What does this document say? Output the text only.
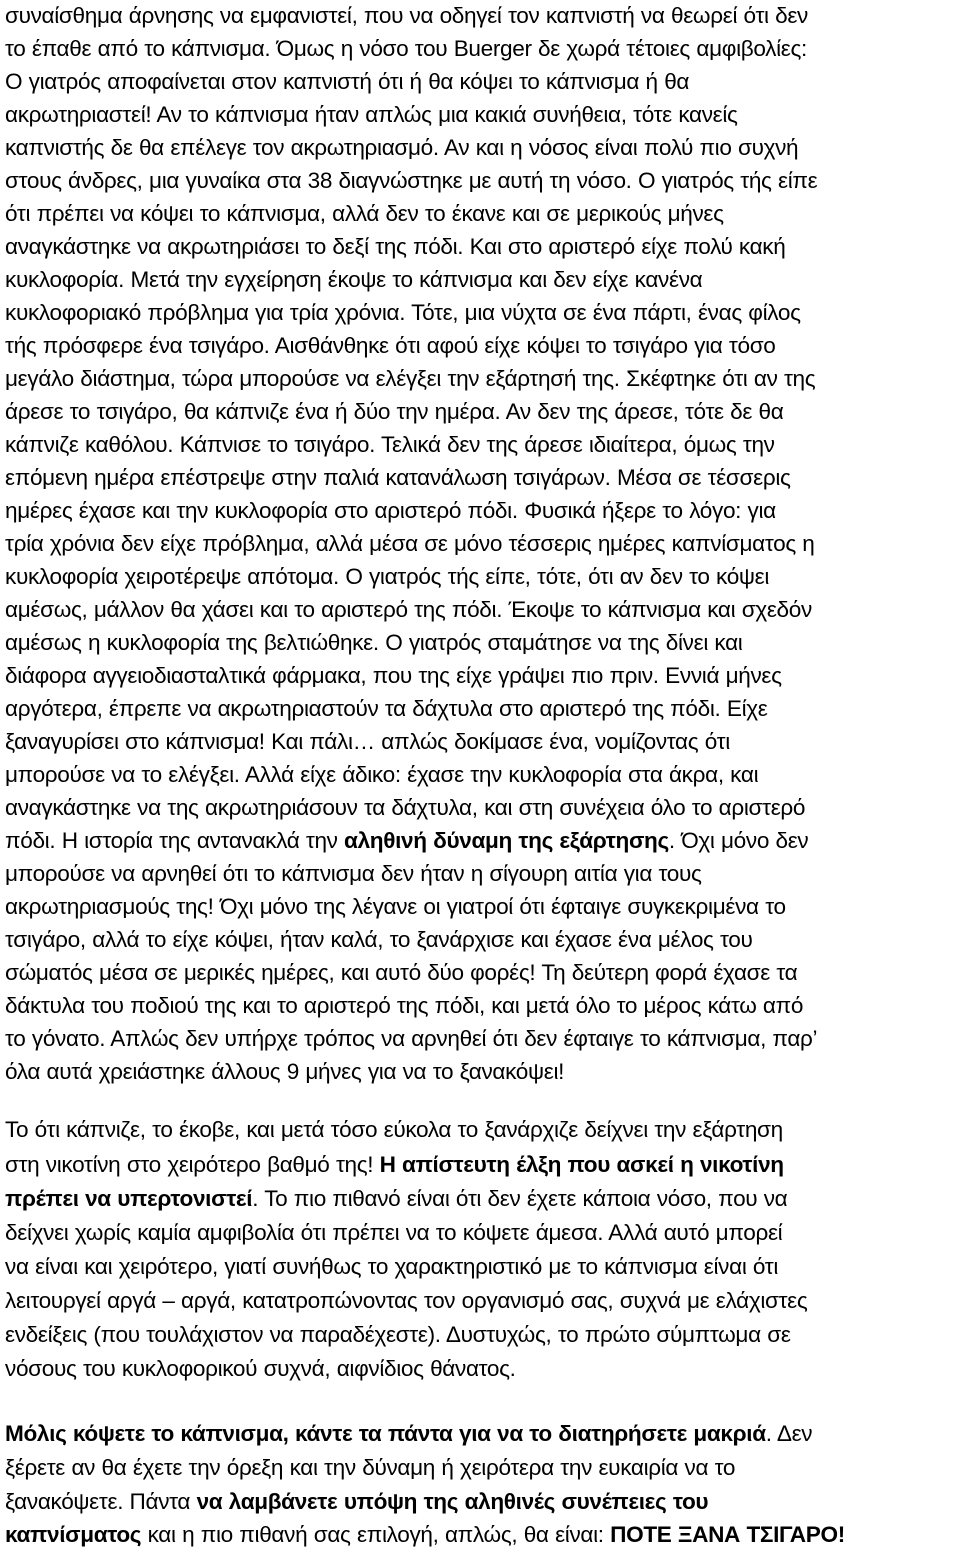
συναίσθημα άρνησης να εμφανιστεί, που να οδηγεί τον καπνιστή να θεωρεί ότι δεν
το έπαθε από το κάπνισμα. Όμως η νόσο του Buerger δε χωρά τέτοιες αμφιβολίες:
Ο γιατρός αποφαίνεται στον καπνιστή ότι ή θα κόψει το κάπνισμα ή θα
ακρωτηριαστεί! Αν το κάπνισμα ήταν απλώς μια κακιά συνήθεια, τότε κανείς
καπνιστής δε θα επέλεγε τον ακρωτηριασμό. Αν και η νόσος είναι πολύ πιο συχνή
στους άνδρες, μια γυναίκα στα 38 διαγνώστηκε με αυτή τη νόσο. Ο γιατρός τής είπε
ότι πρέπει να κόψει το κάπνισμα, αλλά δεν το έκανε και σε μερικούς μήνες
αναγκάστηκε να ακρωτηριάσει το δεξί της πόδι. Και στο αριστερό είχε πολύ κακή
κυκλοφορία. Μετά την εγχείρηση έκοψε το κάπνισμα και δεν είχε κανένα
κυκλοφοριακό πρόβλημα για τρία χρόνια. Τότε, μια νύχτα σε ένα πάρτι, ένας φίλος
τής πρόσφερε ένα τσιγάρο. Αισθάνθηκε ότι αφού είχε κόψει το τσιγάρο για τόσο
μεγάλο διάστημα, τώρα μπορούσε να ελέγξει την εξάρτησή της. Σκέφτηκε ότι αν της
άρεσε το τσιγάρο, θα κάπνιζε ένα ή δύο την ημέρα. Αν δεν της άρεσε, τότε δε θα
κάπνιζε καθόλου. Κάπνισε το τσιγάρο. Τελικά δεν της άρεσε ιδιαίτερα, όμως την
επόμενη ημέρα επέστρεψε στην παλιά κατανάλωση τσιγάρων. Μέσα σε τέσσερις
ημέρες έχασε και την κυκλοφορία στο αριστερό πόδι. Φυσικά ήξερε το λόγο: για
τρία χρόνια δεν είχε πρόβλημα, αλλά μέσα σε μόνο τέσσερις ημέρες καπνίσματος η
κυκλοφορία χειροτέρεψε απότομα. Ο γιατρός τής είπε, τότε, ότι αν δεν το κόψει
αμέσως, μάλλον θα χάσει και το αριστερό της πόδι. Έκοψε το κάπνισμα και σχεδόν
αμέσως η κυκλοφορία της βελτιώθηκε. Ο γιατρός σταμάτησε να της δίνει και
διάφορα αγγειοδιασταλτικά φάρμακα, που της είχε γράψει πιο πριν. Εννιά μήνες
αργότερα, έπρεπε να ακρωτηριαστούν τα δάχτυλα στο αριστερό της πόδι. Είχε
ξαναγυρίσει στο κάπνισμα! Και πάλι… απλώς δοκίμασε ένα, νομίζοντας ότι
μπορούσε να το ελέγξει. Αλλά είχε άδικο: έχασε την κυκλοφορία στα άκρα, και
αναγκάστηκε να της ακρωτηριάσουν τα δάχτυλα, και στη συνέχεια όλο το αριστερό
πόδι. Η ιστορία της αντανακλά την αληθινή δύναμη της εξάρτησης. Όχι μόνο δεν
μπορούσε να αρνηθεί ότι το κάπνισμα δεν ήταν η σίγουρη αιτία για τους
ακρωτηριασμούς της! Όχι μόνο της λέγανε οι γιατροί ότι έφταιγε συγκεκριμένα το
τσιγάρο, αλλά το είχε κόψει, ήταν καλά, το ξανάρχισε και έχασε ένα μέλος του
σώματός μέσα σε μερικές ημέρες, και αυτό δύο φορές! Τη δεύτερη φορά έχασε τα
δάκτυλα του ποδιού της και το αριστερό της πόδι, και μετά όλο το μέρος κάτω από
το γόνατο. Απλώς δεν υπήρχε τρόπος να αρνηθεί ότι δεν έφταιγε το κάπνισμα, παρ’
όλα αυτά χρειάστηκε άλλους 9 μήνες για να το ξανακόψει!
Το ότι κάπνιζε, το έκοβε, και μετά τόσο εύκολα το ξανάρχιζε δείχνει την εξάρτηση
στη νικοτίνη στο χειρότερο βαθμό της! Η απίστευτη έλξη που ασκεί η νικοτίνη
πρέπει να υπερτονιστεί. Το πιο πιθανό είναι ότι δεν έχετε κάποια νόσο, που να
δείχνει χωρίς καμία αμφιβολία ότι πρέπει να το κόψετε άμεσα. Αλλά αυτό μπορεί
να είναι και χειρότερο, γιατί συνήθως το χαρακτηριστικό με το κάπνισμα είναι ότι
λειτουργεί αργά – αργά, κατατροπώνοντας τον οργανισμό σας, συχνά με ελάχιστες
ενδείξεις (που τουλάχιστον να παραδέχεστε). Δυστυχώς, το πρώτο σύμπτωμα σε
νόσους του κυκλοφορικού συχνά, αιφνίδιος θάνατος.
Μόλις κόψετε το κάπνισμα, κάντε τα πάντα για να το διατηρήσετε μακριά. Δεν
ξέρετε αν θα έχετε την όρεξη και την δύναμη ή χειρότερα την ευκαιρία να το
ξανακόψετε. Πάντα να λαμβάνετε υπόψη της αληθινές συνέπειες του
καπνίσματος και η πιο πιθανή σας επιλογή, απλώς, θα είναι: ΠΟΤΕ ΞΑΝΑ ΤΣΙΓΑΡΟ!
